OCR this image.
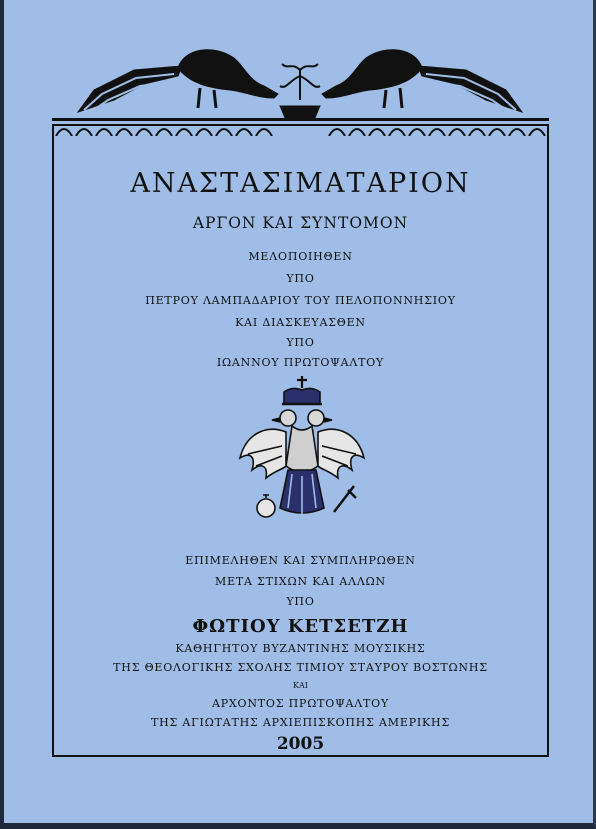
ΑΝΑΣΤΑΣΙΜΑΤΑΡΙΟΝ
ΑΡΓΟΝ ΚΑΙ ΣΥΝΤΟΜΟΝ
ΜΕΛΟΠΟΙΗΘΕΝ
ΥΠΟ
ΠΕΤΡΟΥ ΛΑΜΠΑΔΑΡΙΟΥ ΤΟΥ ΠΕΛΟΠΟΝΝΗΣΙΟΥ
ΚΑΙ ΔΙΑΣΚΕΥΑΣΘΕΝ
ΥΠΟ
ΙΩΑΝΝΟΥ ΠΡΩΤΟΨΑΛΤΟΥ
ΕΠΙΜΕΛΗΘΕΝ ΚΑΙ ΣΥΜΠΛΗΡΩΘΕΝ
ΜΕΤΑ ΣΤΙΧΩΝ ΚΑΙ ΑΛΛΩΝ
ΥΠΟ
ΦΩΤΙΟΥ ΚΕΤΣΕΤΖΗ
ΚΑΘΗΓΗΤΟΥ ΒΥΖΑΝΤΙΝΗΣ ΜΟΥΣΙΚΗΣ
ΤΗΣ ΘΕΟΛΟΓΙΚΗΣ ΣΧΟΛΗΣ ΤΙΜΙΟΥ ΣΤΑΥΡΟΥ ΒΟΣΤΩΝΗΣ
ΚΑΙ
ΑΡΧΟΝΤΟΣ ΠΡΩΤΟΨΑΛΤΟΥ
ΤΗΣ ΑΓΙΩΤΑΤΗΣ ΑΡΧΙΕΠΙΣΚΟΠΗΣ ΑΜΕΡΙΚΗΣ
2005
